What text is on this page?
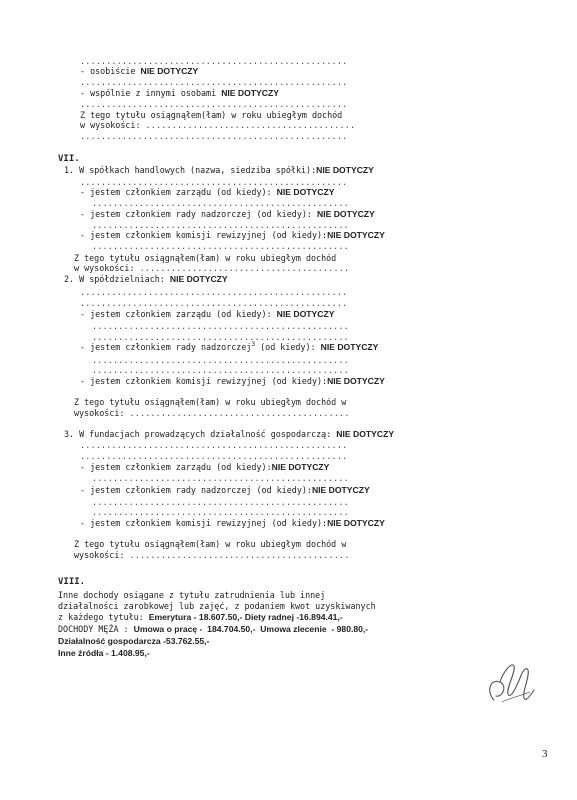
...................................................
- osobiście NIE DOTYCZY
...................................................
- wspólnie z innymi osobami NIE DOTYCZY
...................................................
Z tego tytułu osiągnąłem(łam) w roku ubiegłym dochód
w wysokości: ........................................
...................................................
VII.
1. W spółkach handlowych (nazwa, siedziba spółki):NIE DOTYCZY
...................................................
- jestem członkiem zarządu (od kiedy): NIE DOTYCZY
.................................................
- jestem członkiem rady nadzorczej (od kiedy): NIE DOTYCZY
.................................................
- jestem członkiem komisji rewizyjnej (od kiedy):NIE DOTYCZY
.................................................
Z tego tytułu osiągnąłem(łam) w roku ubiegłym dochód
w wysokości: ........................................
2. W spółdzielniach: NIE DOTYCZY
...................................................
...................................................
- jestem członkiem zarządu (od kiedy): NIE DOTYCZY
.................................................
.................................................
- jestem członkiem rady nadzorczej$^3$ (od kiedy): NIE DOTYCZY
.................................................
.................................................
- jestem członkiem komisji rewizyjnej (od kiedy):NIE DOTYCZY
Z tego tytułu osiągnąłem(łam) w roku ubiegłym dochód w
wysokości: ..........................................
3. W fundacjach prowadzących działalność gospodarczą: NIE DOTYCZY
...................................................
...................................................
- jestem członkiem zarządu (od kiedy):NIE DOTYCZY
.................................................
- jestem członkiem rady nadzorczej (od kiedy):NIE DOTYCZY
.................................................
.................................................
- jestem członkiem komisji rewizyjnej (od kiedy):NIE DOTYCZY
Z tego tytułu osiągnąłem(łam) w roku ubiegłym dochód w
wysokości: ..........................................
VIII.
Inne dochody osiągane z tytułu zatrudnienia lub innej
działalności zarobkowej lub zajęć, z podaniem kwot uzyskiwanych
z każdego tytułu: Emerytura - 18.607.50,- Diety radnej -16.894.41,-
DOCHODY MĘŻA : Umowa o pracę -  184.704.50,-  Umowa zlecenie  - 980.80,-
Działalność gospodarcza -53.762.55,-
Inne źródła - 1.408.95,-
3
